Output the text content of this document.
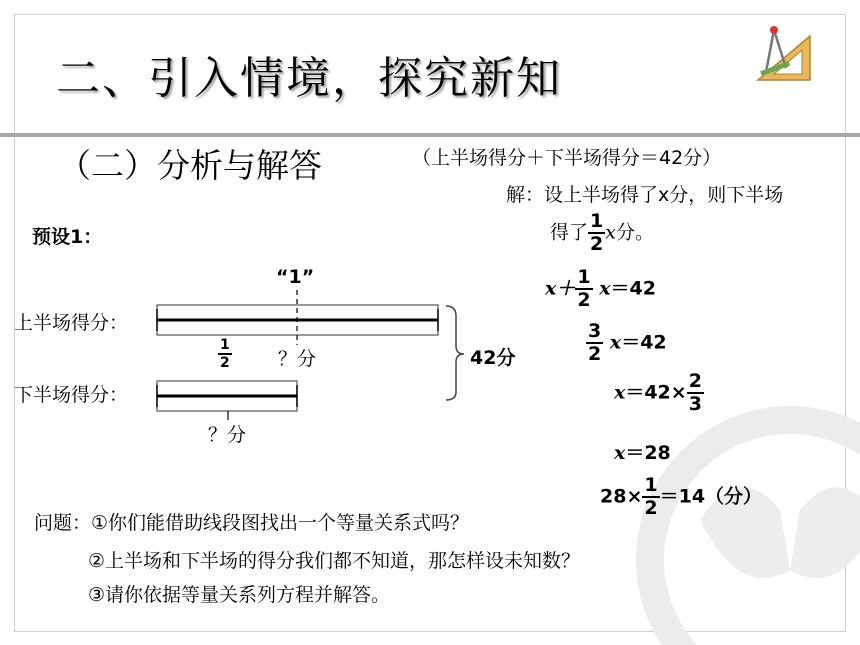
二、引入情境，探究新知
（二）分析与解答	（上半场得分＋下半场得分＝42分）
解：设上半场得了x分，则下半场
得了 $\frac{1}{2}$ x分。
$x+ \frac{1}{2} x=42$
$\frac{3}{2} x=42$
$x=42\times \frac{2}{3}$
x＝28
$28\times \frac{1}{2} =14$（分）
预设1：
“1”
上半场得分：
下半场得分：
$\frac{1}{2}$ ？分
？分
42分
问题：①你们能借助线段图找出一个等量关系式吗？
②上半场和下半场的得分我们都不知道，那怎样设未知数？
③请你依据等量关系列方程并解答。
